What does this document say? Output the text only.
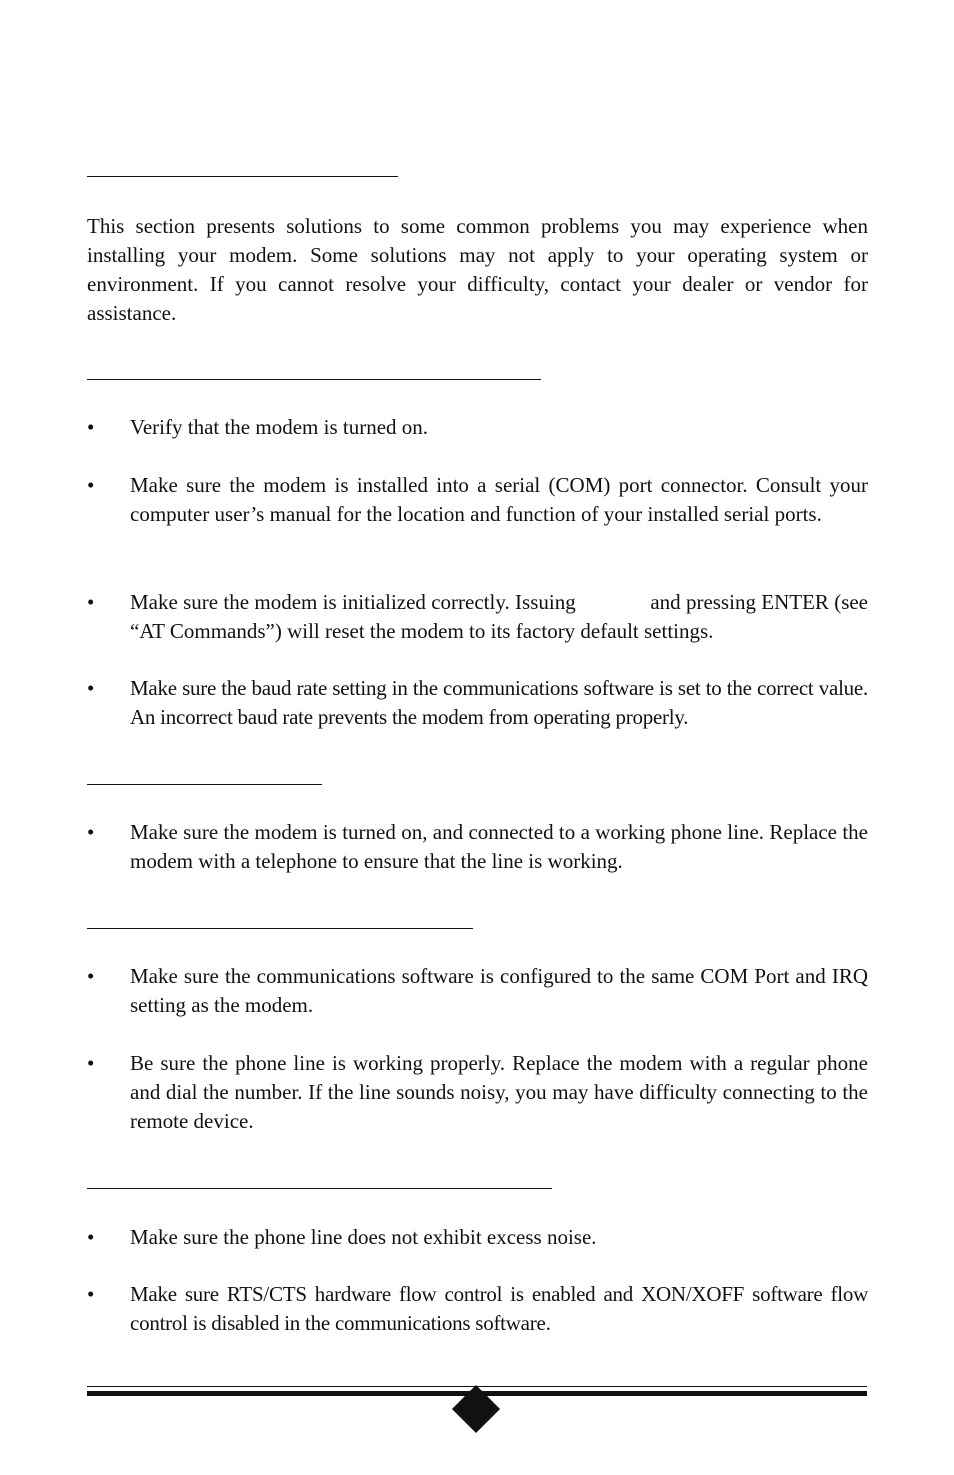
This section presents solutions to some common problems you may experience when installing your modem. Some solutions may not apply to your operating system or environment. If you cannot resolve your difficulty, contact your dealer or vendor for assistance.

• Verify that the modem is turned on.
• Make sure the modem is installed into a serial (COM) port connector. Consult your computer user’s manual for the location and function of your installed serial ports.
• Make sure the modem is initialized correctly. Issuing	and pressing ENTER (see “AT Commands”) will reset the modem to its factory default settings.
• Make sure the baud rate setting in the communications software is set to the correct value. An incorrect baud rate prevents the modem from operating properly.
• Make sure the modem is turned on, and connected to a working phone line. Replace the modem with a telephone to ensure that the line is working.
• Make sure the communications software is configured to the same COM Port and IRQ setting as the modem.
• Be sure the phone line is working properly. Replace the modem with a regular phone and dial the number. If the line sounds noisy, you may have difficulty connecting to the remote device.
• Make sure the phone line does not exhibit excess noise.
• Make sure RTS/CTS hardware flow control is enabled and XON/XOFF software flow control is disabled in the communications software.
